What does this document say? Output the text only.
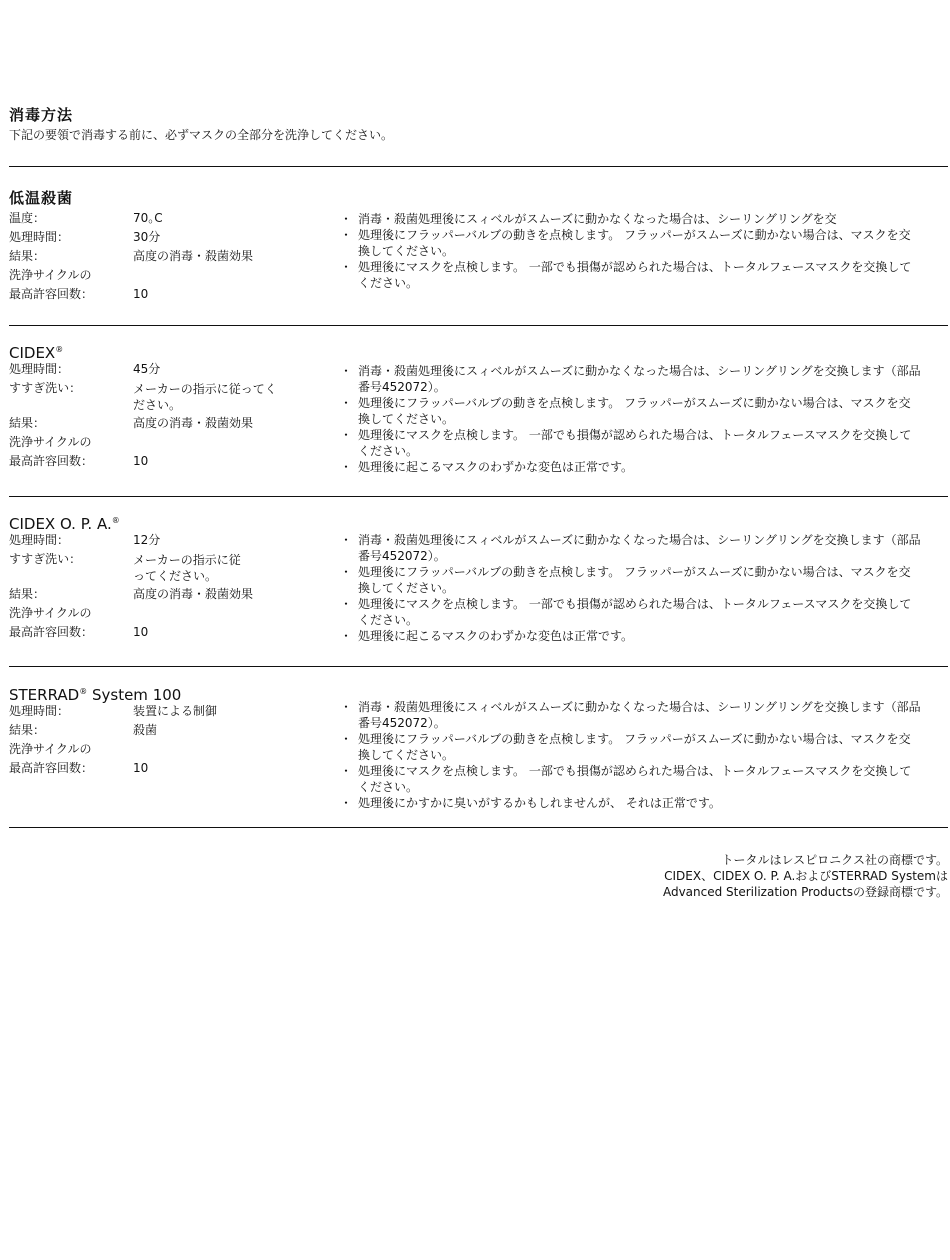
消毒方法
下記の要領で消毒する前に、必ずマスクの全部分を洗浄してください。
低温殺菌
温度：	70｡C
処理時間：	30分
結果：	高度の消毒・殺菌効果
洗浄サイクルの
最高許容回数：	10
・ 消毒・殺菌処理後にスィベルがスムーズに動かなくなった場合は、シーリングリングを交
・ 処理後にフラッパーバルブの動きを点検します。 フラッパーがスムーズに動かない場合は、マスクを交換してください。
・ 処理後にマスクを点検します。 一部でも損傷が認められた場合は、トータルフェースマスクを交換してください。
CIDEX®
処理時間：	45分
すすぎ洗い：	メーカーの指示に従ってください。
結果：	高度の消毒・殺菌効果
洗浄サイクルの
最高許容回数：	10
・ 消毒・殺菌処理後にスィベルがスムーズに動かなくなった場合は、シーリングリングを交換します（部品番号452072）。
・ 処理後にフラッパーバルブの動きを点検します。 フラッパーがスムーズに動かない場合は、マスクを交換してください。
・ 処理後にマスクを点検します。 一部でも損傷が認められた場合は、トータルフェースマスクを交換してください。
・ 処理後に起こるマスクのわずかな変色は正常です。
CIDEX O. P. A.®
処理時間：	12分
すすぎ洗い：	メーカーの指示に従ってください。
結果：	高度の消毒・殺菌効果
洗浄サイクルの
最高許容回数：	10
・ 消毒・殺菌処理後にスィベルがスムーズに動かなくなった場合は、シーリングリングを交換します（部品番号452072）。
・ 処理後にフラッパーバルブの動きを点検します。 フラッパーがスムーズに動かない場合は、マスクを交換してください。
・ 処理後にマスクを点検します。 一部でも損傷が認められた場合は、トータルフェースマスクを交換してください。
・ 処理後に起こるマスクのわずかな変色は正常です。
STERRAD® System 100
処理時間：	装置による制御
結果：	殺菌
洗浄サイクルの
最高許容回数：	10
・ 消毒・殺菌処理後にスィベルがスムーズに動かなくなった場合は、シーリングリングを交換します（部品番号452072）。
・ 処理後にフラッパーバルブの動きを点検します。 フラッパーがスムーズに動かない場合は、マスクを交換してください。
・ 処理後にマスクを点検します。 一部でも損傷が認められた場合は、トータルフェースマスクを交換してください。
・ 処理後にかすかに臭いがするかもしれませんが、 それは正常です。
トータルはレスピロニクス社の商標です。
CIDEX、CIDEX O. P. A.およびSTERRAD Systemは
Advanced Sterilization Productsの登録商標です。
